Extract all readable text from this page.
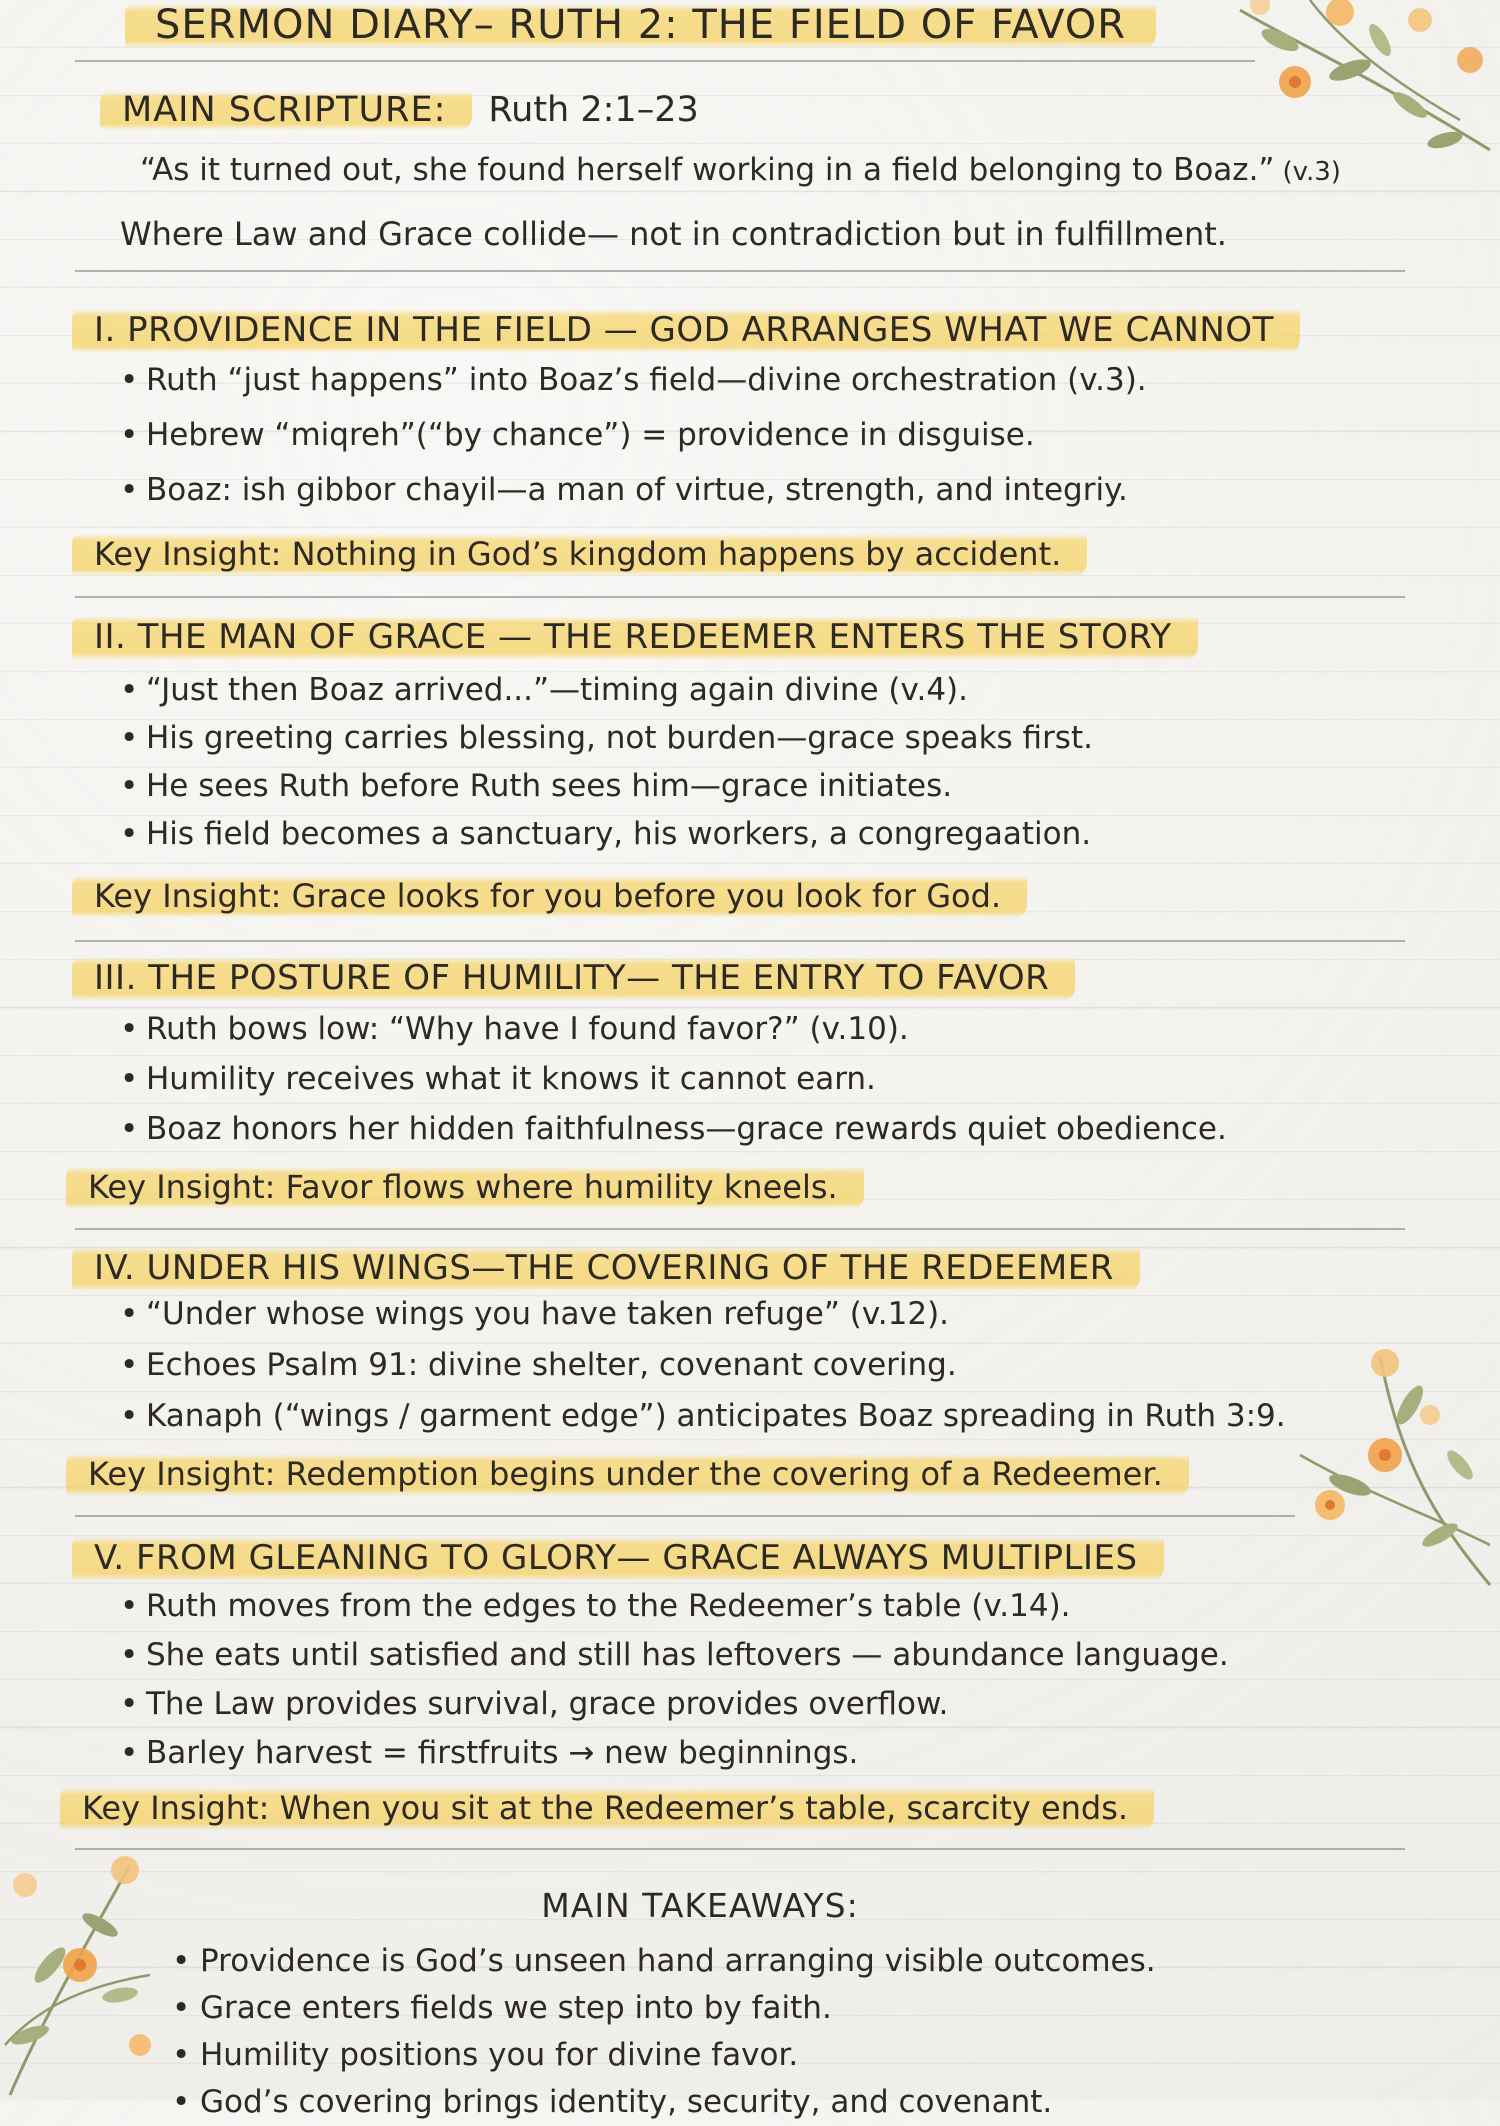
SERMON DIARY– RUTH 2: THE FIELD OF FAVOR
MAIN SCRIPTURE: Ruth 2:1–23
“As it turned out, she found herself working in a field belonging to Boaz.” (v.3)
Where Law and Grace collide— not in contradiction but in fulfillment.
I. PROVIDENCE IN THE FIELD — GOD ARRANGES WHAT WE CANNOT
• Ruth “just happens” into Boaz’s field—divine orchestration (v.3).
• Hebrew “miqreh”(“by chance”) = providence in disguise.
• Boaz: ish gibbor chayil—a man of virtue, strength, and integriy.
Key Insight: Nothing in God’s kingdom happens by accident.
II. THE MAN OF GRACE — THE REDEEMER ENTERS THE STORY
• “Just then Boaz arrived...”—timing again divine (v.4).
• His greeting carries blessing, not burden—grace speaks first.
• He sees Ruth before Ruth sees him—grace initiates.
• His field becomes a sanctuary, his workers, a congregaation.
Key Insight: Grace looks for you before you look for God.
III. THE POSTURE OF HUMILITY— THE ENTRY TO FAVOR
• Ruth bows low: “Why have I found favor?” (v.10).
• Humility receives what it knows it cannot earn.
• Boaz honors her hidden faithfulness—grace rewards quiet obedience.
Key Insight: Favor flows where humility kneels.
IV. UNDER HIS WINGS—THE COVERING OF THE REDEEMER
• “Under whose wings you have taken refuge” (v.12).
• Echoes Psalm 91: divine shelter, covenant covering.
• Kanaph (“wings / garment edge”) anticipates Boaz spreading in Ruth 3:9.
Key Insight: Redemption begins under the covering of a Redeemer.
V. FROM GLEANING TO GLORY— GRACE ALWAYS MULTIPLIES
• Ruth moves from the edges to the Redeemer’s table (v.14).
• She eats until satisfied and still has leftovers — abundance language.
• The Law provides survival, grace provides overflow.
• Barley harvest = firstfruits → new beginnings.
Key Insight: When you sit at the Redeemer’s table, scarcity ends.
MAIN TAKEAWAYS:
• Providence is God’s unseen hand arranging visible outcomes.
• Grace enters fields we step into by faith.
• Humility positions you for divine favor.
• God’s covering brings identity, security, and covenant.
